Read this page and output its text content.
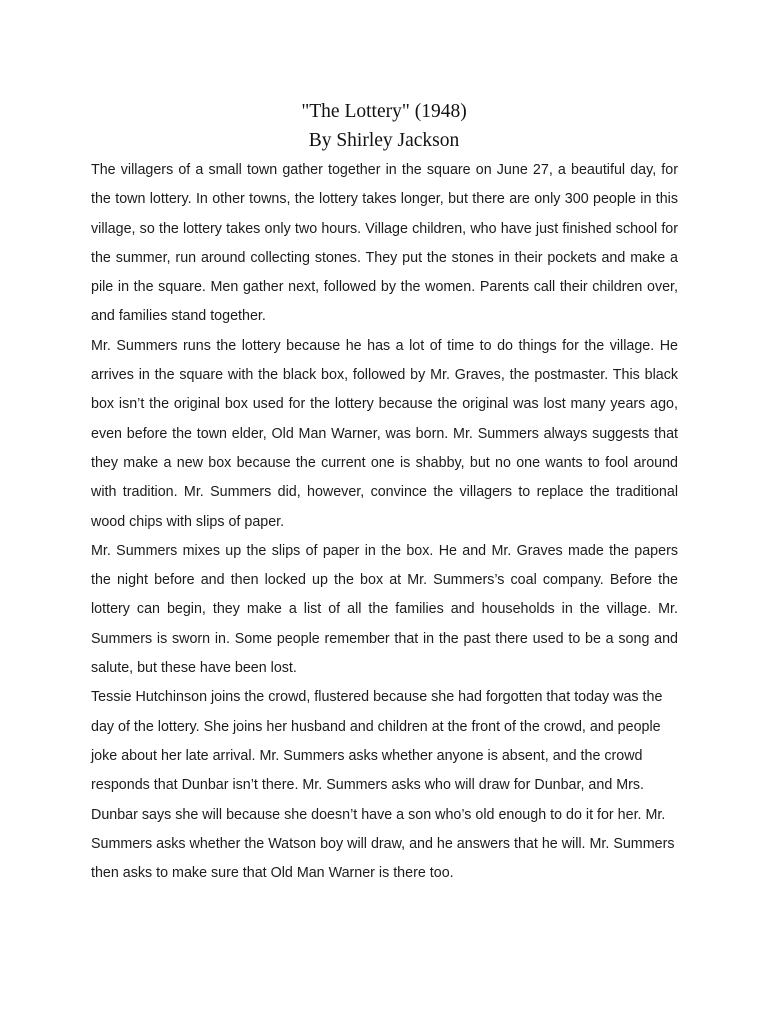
"The Lottery" (1948)
By Shirley Jackson

The villagers of a small town gather together in the square on June 27, a beautiful day, for the town lottery. In other towns, the lottery takes longer, but there are only 300 people in this village, so the lottery takes only two hours. Village children, who have just finished school for the summer, run around collecting stones. They put the stones in their pockets and make a pile in the square. Men gather next, followed by the women. Parents call their children over, and families stand together.

Mr. Summers runs the lottery because he has a lot of time to do things for the village. He arrives in the square with the black box, followed by Mr. Graves, the postmaster. This black box isn’t the original box used for the lottery because the original was lost many years ago, even before the town elder, Old Man Warner, was born. Mr. Summers always suggests that they make a new box because the current one is shabby, but no one wants to fool around with tradition. Mr. Summers did, however, convince the villagers to replace the traditional wood chips with slips of paper.

Mr. Summers mixes up the slips of paper in the box. He and Mr. Graves made the papers the night before and then locked up the box at Mr. Summers’s coal company. Before the lottery can begin, they make a list of all the families and households in the village. Mr. Summers is sworn in. Some people remember that in the past there used to be a song and salute, but these have been lost.

Tessie Hutchinson joins the crowd, flustered because she had forgotten that today was the day of the lottery. She joins her husband and children at the front of the crowd, and people joke about her late arrival. Mr. Summers asks whether anyone is absent, and the crowd responds that Dunbar isn’t there. Mr. Summers asks who will draw for Dunbar, and Mrs. Dunbar says she will because she doesn’t have a son who’s old enough to do it for her. Mr. Summers asks whether the Watson boy will draw, and he answers that he will. Mr. Summers then asks to make sure that Old Man Warner is there too.
